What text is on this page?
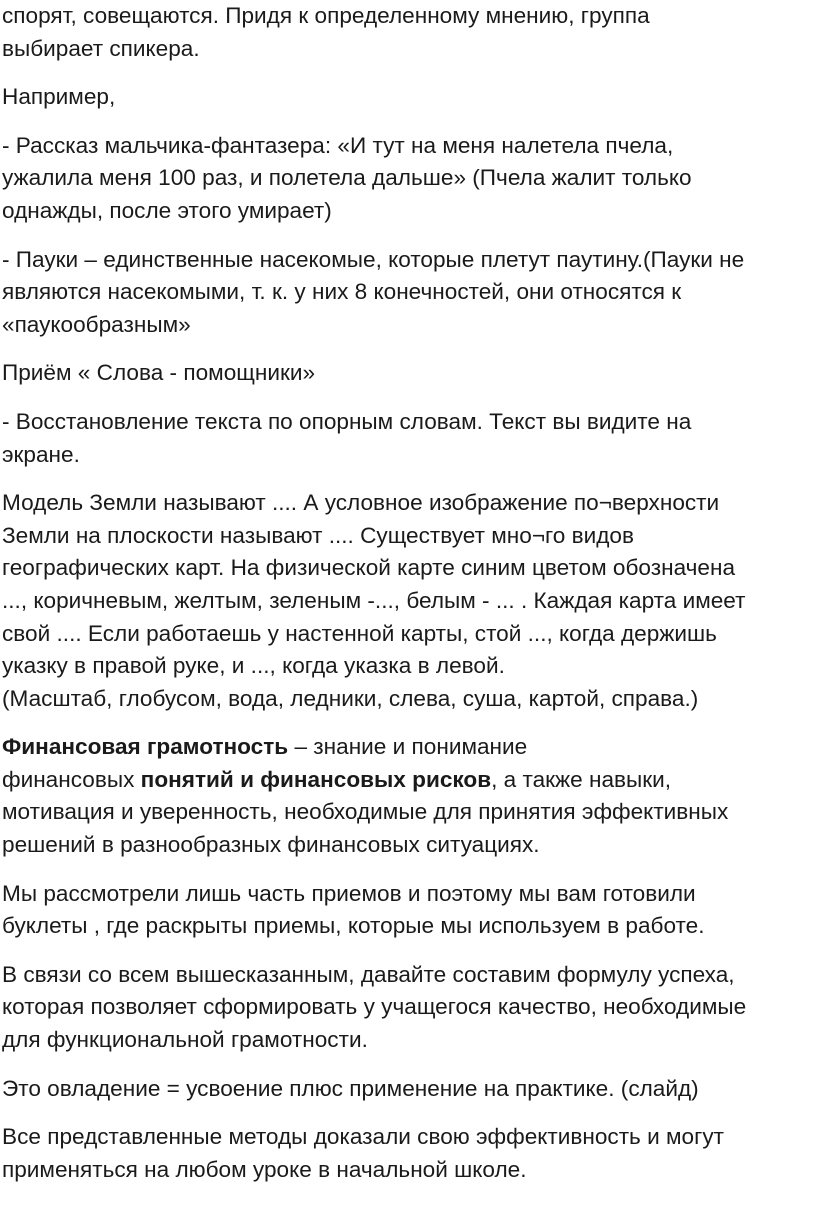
спорят, совещаются. Придя к определенному мнению, группа
выбирает спикера.

Например,

- Рассказ мальчика-фантазера: «И тут на меня налетела пчела,
ужалила меня 100 раз, и полетела дальше» (Пчела жалит только
однажды, после этого умирает)

- Пауки – единственные насекомые, которые плетут паутину.(Пауки не
являются насекомыми, т. к. у них 8 конечностей, они относятся к
«паукообразным»

Приём « Слова - помощники»

- Восстановление текста по опорным словам. Текст вы видите на
экране.

Модель Земли называют .... А условное изображение по¬верхности
Земли на плоскости называют .... Существует мно¬го видов
географических карт. На физической карте синим цветом обозначена
..., коричневым, желтым, зеленым -..., белым - ... . Каждая карта имеет
свой .... Если работаешь у настенной карты, стой ..., когда держишь
указку в правой руке, и ..., когда указка в левой.
(Масштаб, глобусом, вода, ледники, слева, суша, картой, справа.)

Финансовая грамотность – знание и понимание
финансовых понятий и финансовых рисков, а также навыки,
мотивация и уверенность, необходимые для принятия эффективных
решений в разнообразных финансовых ситуациях.

Мы рассмотрели лишь часть приемов и поэтому мы вам готовили
буклеты , где раскрыты приемы, которые мы используем в работе.

В связи со всем вышесказанным, давайте составим формулу успеха,
которая позволяет сформировать у учащегося качество, необходимые
для функциональной грамотности.

Это овладение = усвоение плюс применение на практике. (слайд)

Все представленные методы доказали свою эффективность и могут
применяться на любом уроке в начальной школе.
